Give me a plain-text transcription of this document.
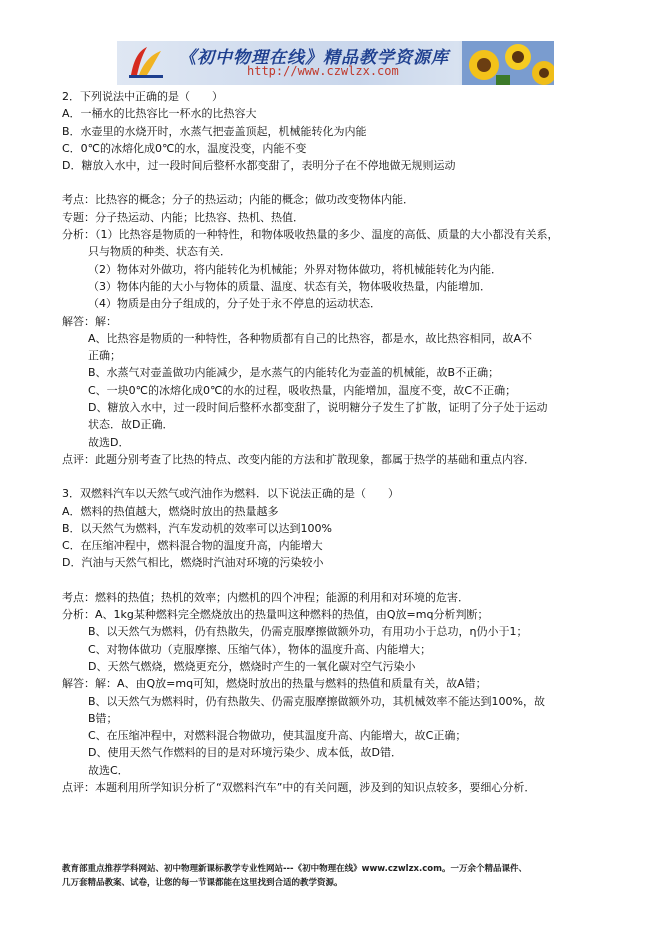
《初中物理在线》精品教学资源库
http://www.czwlzx.com
2．下列说法中正确的是（　　）
A．一桶水的比热容比一杯水的比热容大
B．水壶里的水烧开时，水蒸气把壶盖顶起，机械能转化为内能
C．0℃的冰熔化成0℃的水，温度没变，内能不变
D．糖放入水中，过一段时间后整杯水都变甜了，表明分子在不停地做无规则运动
考点：比热容的概念；分子的热运动；内能的概念；做功改变物体内能．
专题：分子热运动、内能；比热容、热机、热值．
分析：（1）比热容是物质的一种特性，和物体吸收热量的多少、温度的高低、质量的大小都没有关系，
只与物质的种类、状态有关．
（2）物体对外做功，将内能转化为机械能；外界对物体做功，将机械能转化为内能．
（3）物体内能的大小与物体的质量、温度、状态有关，物体吸收热量，内能增加．
（4）物质是由分子组成的，分子处于永不停息的运动状态．
解答：解：
A、比热容是物质的一种特性，各种物质都有自己的比热容，都是水，故比热容相同，故A不
正确；
B、水蒸气对壶盖做功内能减少，是水蒸气的内能转化为壶盖的机械能，故B不正确；
C、一块0℃的冰熔化成0℃的水的过程，吸收热量，内能增加，温度不变，故C不正确；
D、糖放入水中，过一段时间后整杯水都变甜了，说明糖分子发生了扩散，证明了分子处于运动
状态．故D正确．
故选D．
点评：此题分别考查了比热的特点、改变内能的方法和扩散现象，都属于热学的基础和重点内容．
3．双燃料汽车以天然气或汽油作为燃料．以下说法正确的是（　　）
A．燃料的热值越大，燃烧时放出的热量越多
B．以天然气为燃料，汽车发动机的效率可以达到100%
C．在压缩冲程中，燃料混合物的温度升高，内能增大
D．汽油与天然气相比，燃烧时汽油对环境的污染较小
考点：燃料的热值；热机的效率；内燃机的四个冲程；能源的利用和对环境的危害．
分析：A、1kg某种燃料完全燃烧放出的热量叫这种燃料的热值，由Q放=mq分析判断；
B、以天然气为燃料，仍有热散失，仍需克服摩擦做额外功，有用功小于总功，η仍小于1；
C、对物体做功（克服摩擦、压缩气体），物体的温度升高、内能增大；
D、天然气燃烧，燃烧更充分，燃烧时产生的一氧化碳对空气污染小
解答：解：A、由Q放=mq可知，燃烧时放出的热量与燃料的热值和质量有关，故A错；
B、以天然气为燃料时，仍有热散失、仍需克服摩擦做额外功，其机械效率不能达到100%，故
B错；
C、在压缩冲程中，对燃料混合物做功，使其温度升高、内能增大，故C正确；
D、使用天然气作燃料的目的是对环境污染少、成本低，故D错．
故选C．
点评：本题利用所学知识分析了“双燃料汽车”中的有关问题，涉及到的知识点较多，要细心分析．
教育部重点推荐学科网站、初中物理新课标教学专业性网站---《初中物理在线》www.czwlzx.com。一万余个精品课件、
几万套精品教案、试卷，让您的每一节课都能在这里找到合适的教学资源。
